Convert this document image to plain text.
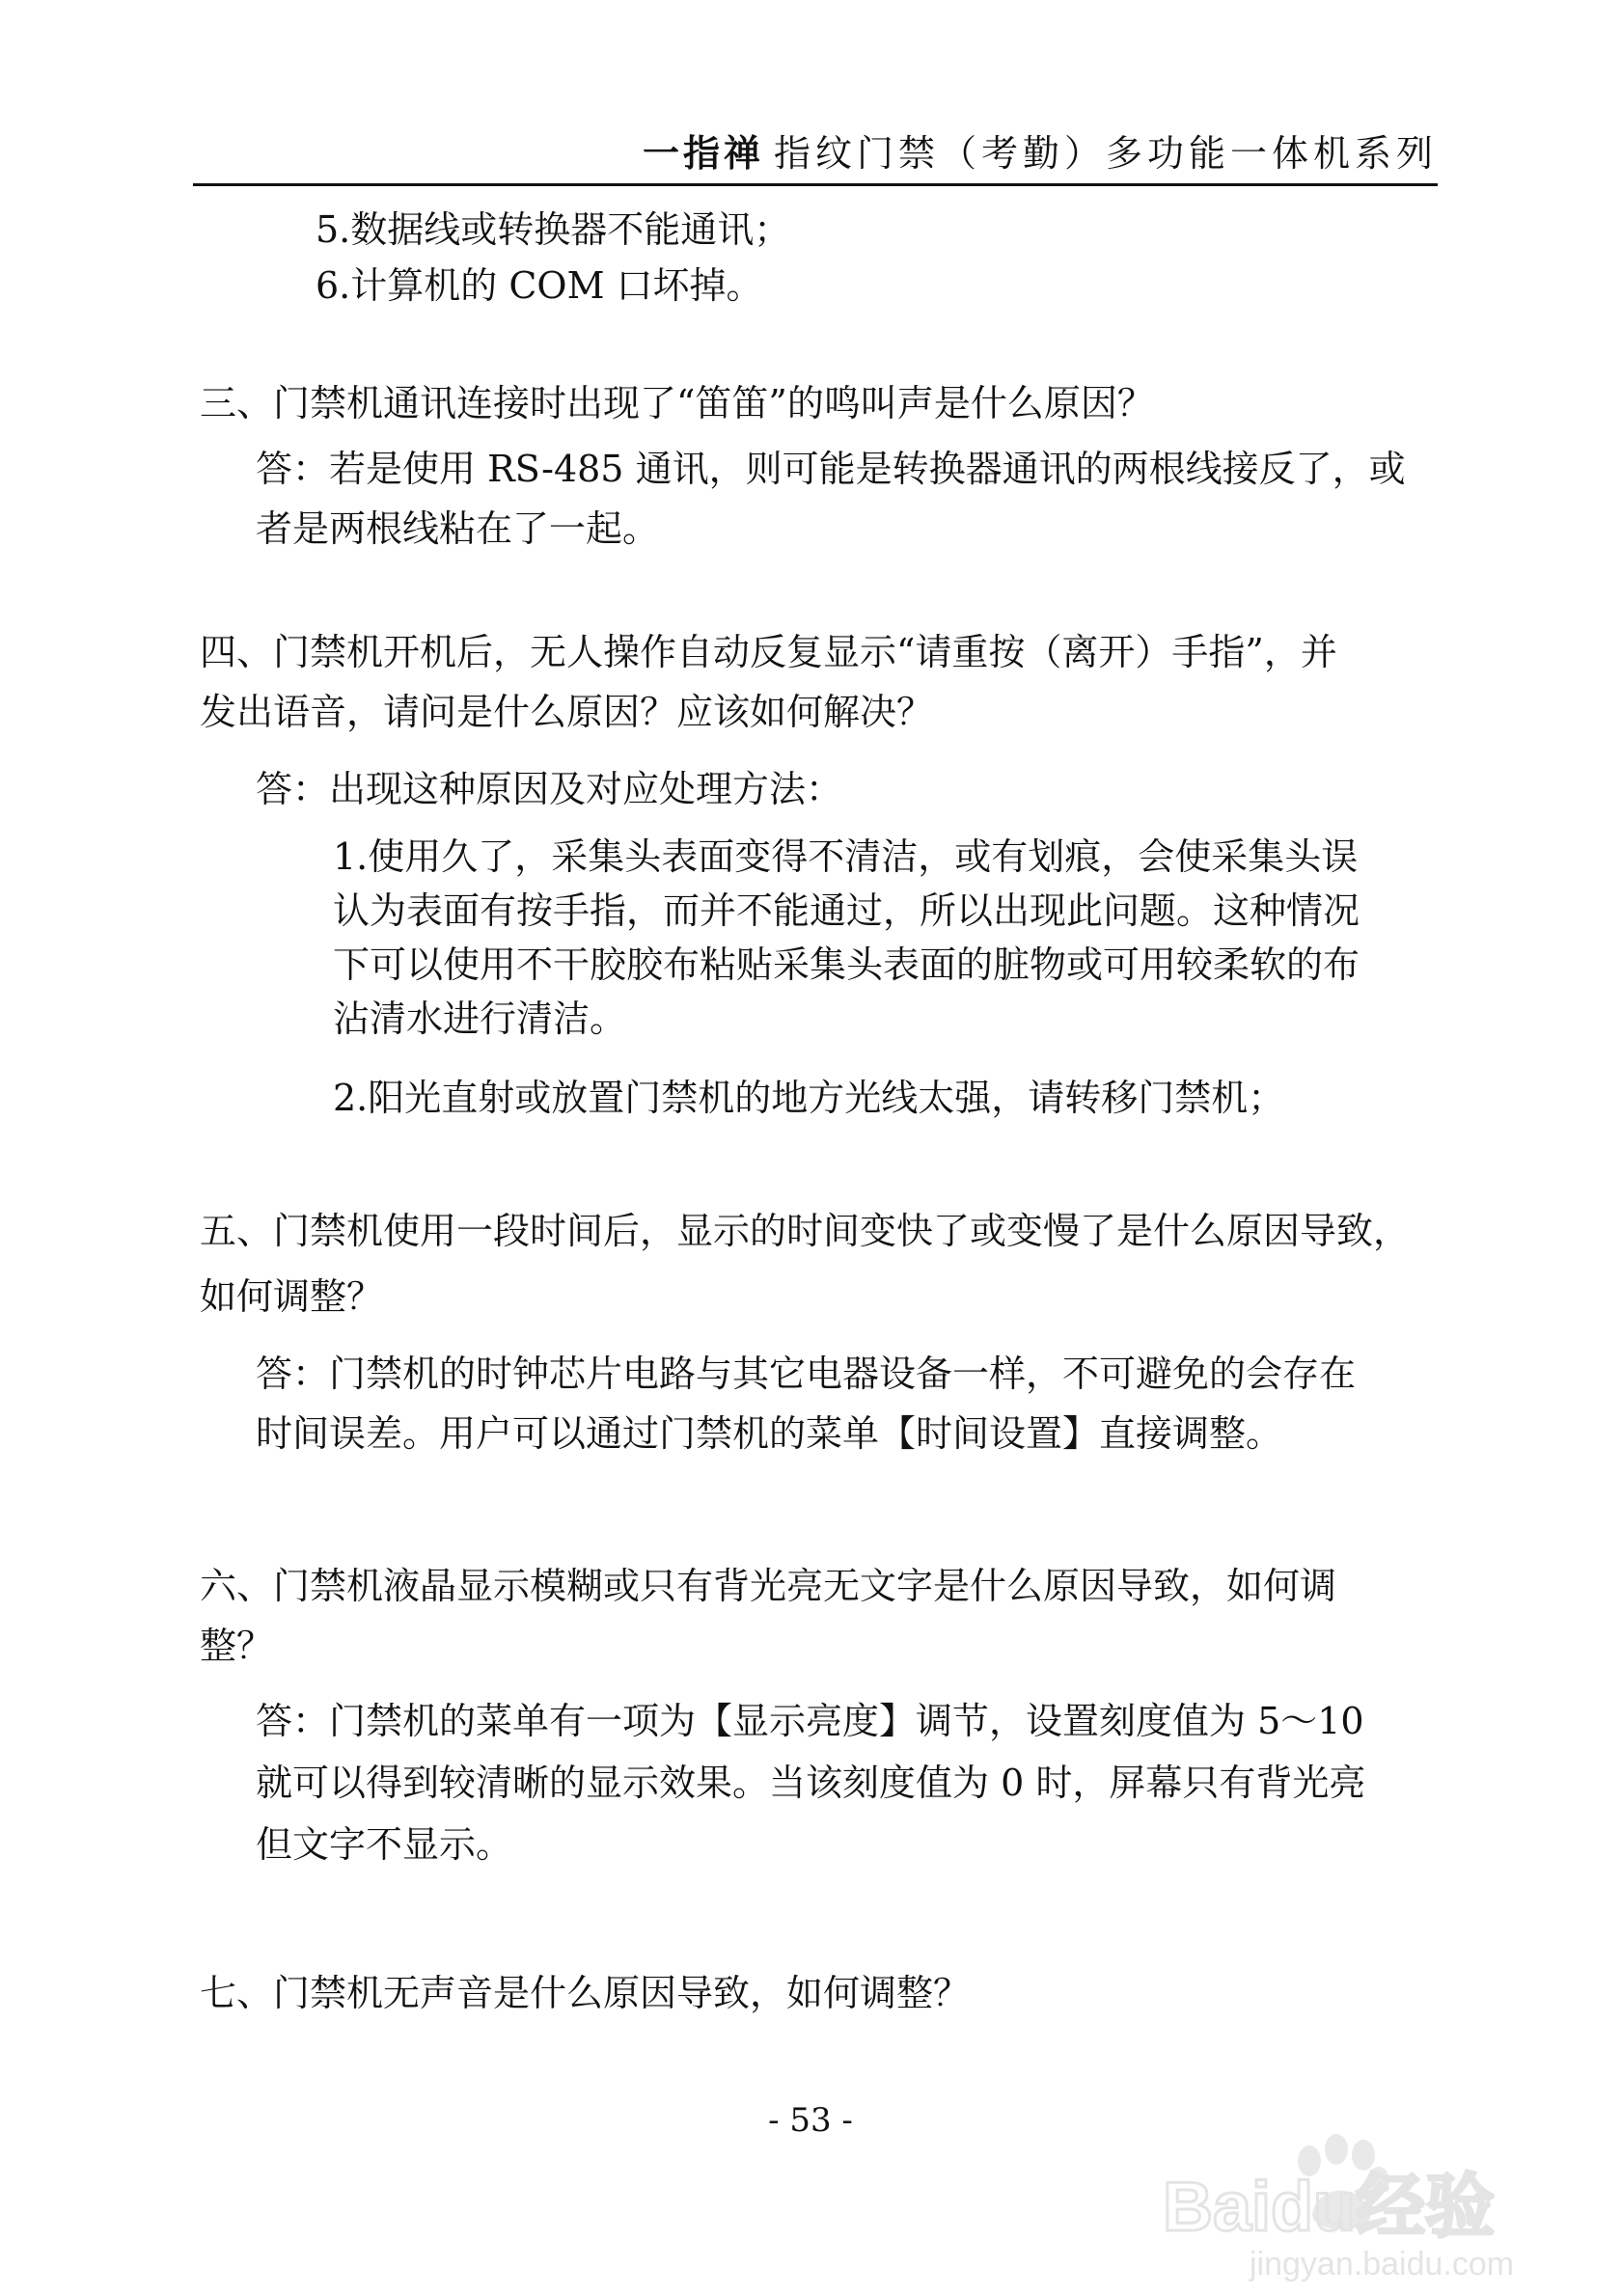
一指禅 指纹门禁（考勤）多功能一体机系列
5.数据线或转换器不能通讯；
6.计算机的 COM 口坏掉。
三、门禁机通讯连接时出现了“笛笛”的鸣叫声是什么原因？
答：若是使用 RS-485 通讯，则可能是转换器通讯的两根线接反了，或
者是两根线粘在了一起。
四、门禁机开机后，无人操作自动反复显示“请重按（离开）手指”，并
发出语音，请问是什么原因？应该如何解决？
答：出现这种原因及对应处理方法：
1.使用久了，采集头表面变得不清洁，或有划痕，会使采集头误
认为表面有按手指，而并不能通过，所以出现此问题。这种情况
下可以使用不干胶胶布粘贴采集头表面的脏物或可用较柔软的布
沾清水进行清洁。
2.阳光直射或放置门禁机的地方光线太强，请转移门禁机；
五、门禁机使用一段时间后，显示的时间变快了或变慢了是什么原因导致，
如何调整？
答：门禁机的时钟芯片电路与其它电器设备一样，不可避免的会存在
时间误差。用户可以通过门禁机的菜单【时间设置】直接调整。
六、门禁机液晶显示模糊或只有背光亮无文字是什么原因导致，如何调
整？
答：门禁机的菜单有一项为【显示亮度】调节，设置刻度值为 5～10
就可以得到较清晰的显示效果。当该刻度值为 0 时，屏幕只有背光亮
但文字不显示。
七、门禁机无声音是什么原因导致，如何调整？
- 53 -
Baidu经验
jingyan.baidu.com
